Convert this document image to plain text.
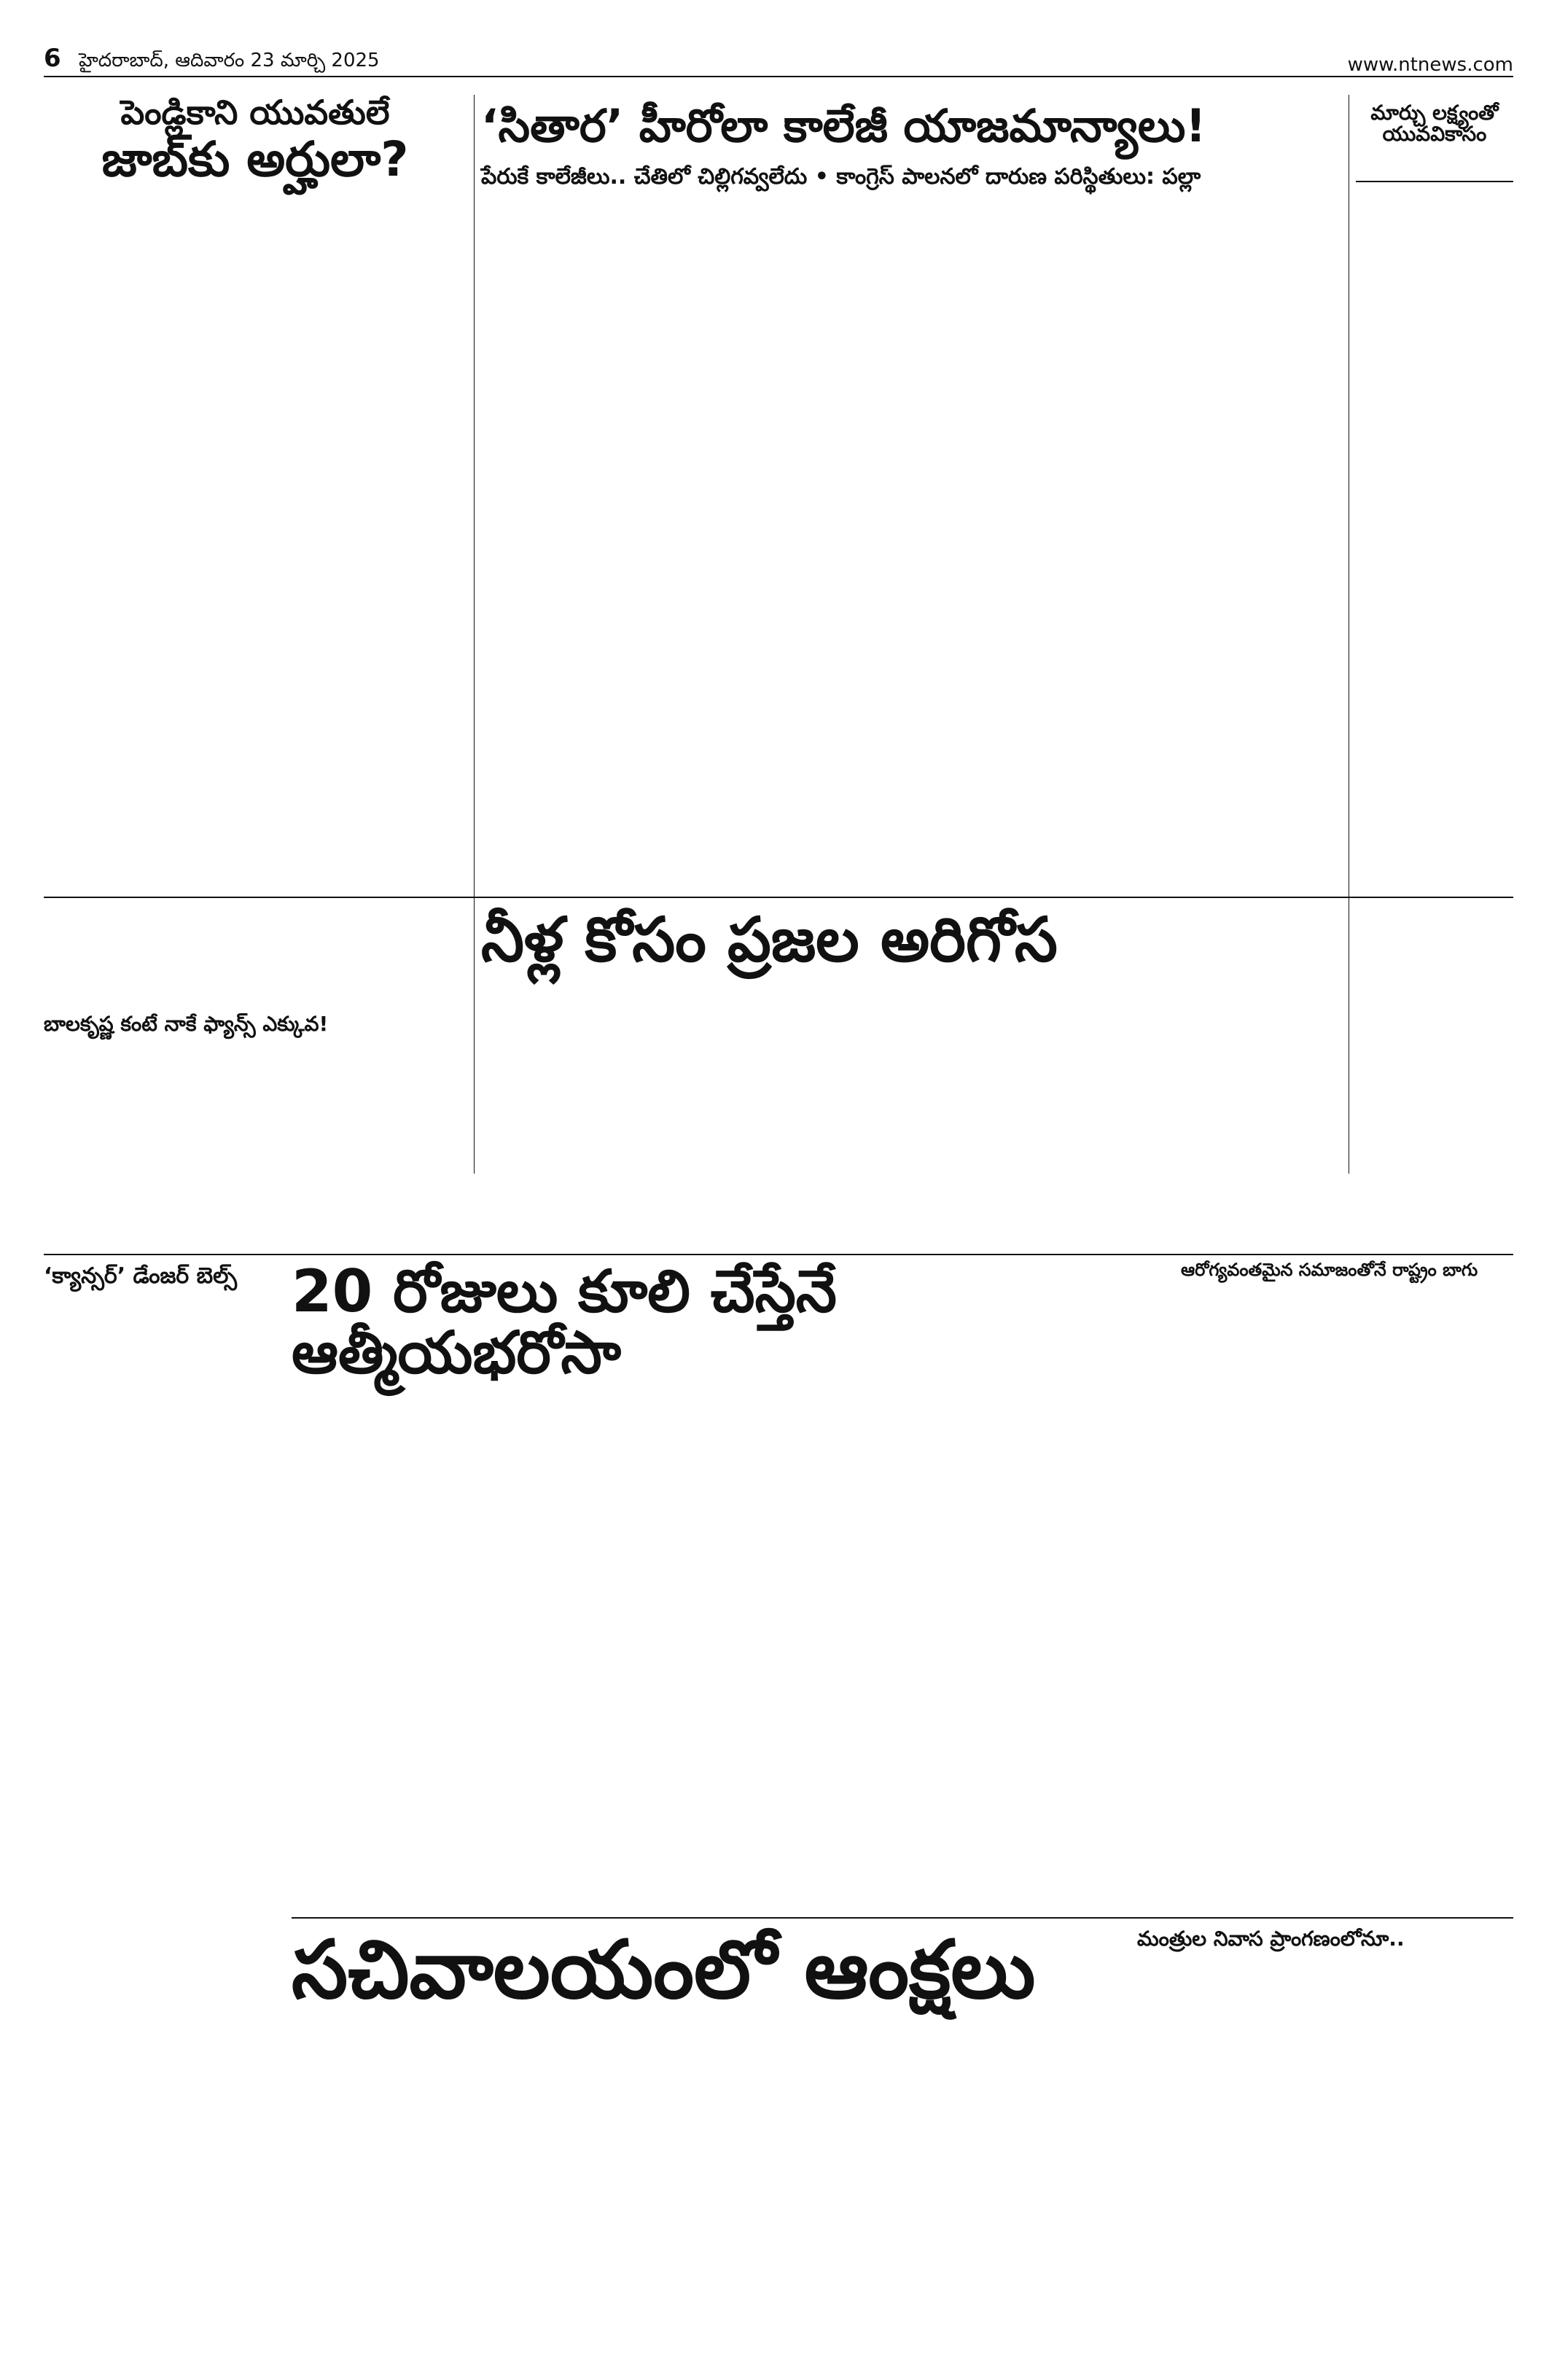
6 హైదరాబాద్, ఆదివారం 23 మార్చి 2025	www.ntnews.com
పెండ్లికాని యువతులే
జాబ్‌కు అర్హులా?
‘సితార’ హీరోలా కాలేజీ యాజమాన్యాలు!
పేరుకే కాలేజీలు.. చేతిలో చిల్లిగవ్వలేదు • కాంగ్రెస్ పాలనలో దారుణ పరిస్థితులు: పల్లా
మార్చు లక్ష్యంతో యువవికాసం
నీళ్ల కోసం ప్రజల అరిగోస
బాలకృష్ణ కంటే నాకే ఫ్యాన్స్ ఎక్కువ!
‘క్యాన్సర్’ డేంజర్ బెల్స్ 20 రోజులు కూలి చేస్తేనే ఆత్మీయభరోసా
ఆరోగ్యవంతమైన సమాజంతోనే రాష్ట్రం బాగు
సచివాలయంలో ఆంక్షలు	మంత్రుల నివాస ప్రాంగణంలోనూ..
